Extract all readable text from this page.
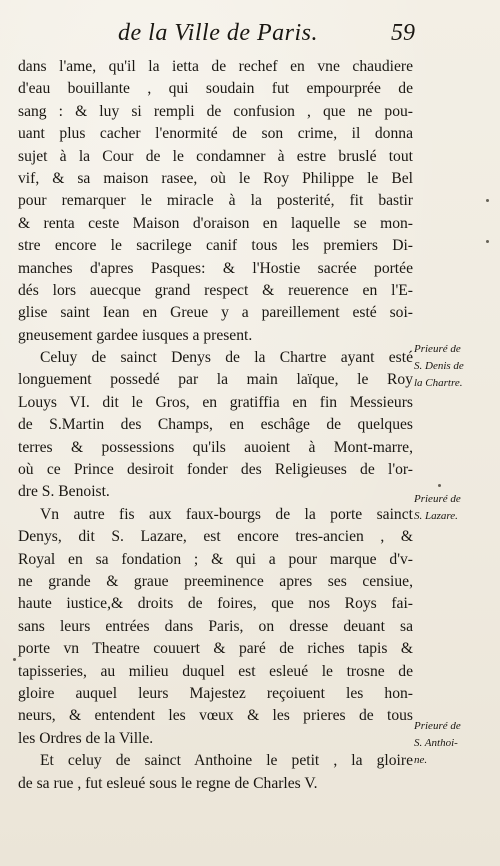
de la Ville de Paris.	59
dans l'ame, qu'il la ietta de rechef en vne chaudiere
d'eau bouillante , qui soudain fut empourprée de
sang : & luy si rempli de confusion , que ne pou-
uant plus cacher l'enormité de son crime, il donna
sujet à la Cour de le condamner à estre bruslé tout
vif, & sa maison rasee, où le Roy Philippe le Bel
pour remarquer le miracle à la posterité, fit bastir
& renta ceste Maison d'oraison en laquelle se mon-
stre encore le sacrilege canif tous les premiers Di-
manches d'apres Pasques: & l'Hostie sacrée portée
dés lors auecque grand respect & reuerence en l'E-
glise saint Iean en Greue y a pareillement esté soi-
gneusement gardee iusques a present.
Celuy de sainct Denys de la Chartre ayant esté
longuement possedé par la main laïque, le Roy
Louys VI. dit le Gros, en gratiffia en fin Messieurs
de S.Martin des Champs, en eschâge de quelques
terres & possessions qu'ils auoient à Mont-marre,
où ce Prince desiroit fonder des Religieuses de l'or-
dre S. Benoist.
Vn autre fis aux faux-bourgs de la porte sainct
Denys, dit S. Lazare, est encore tres-ancien , &
Royal en sa fondation ; & qui a pour marque d'v-
ne grande & graue preeminence apres ses censiue,
haute iustice,& droits de foires, que nos Roys fai-
sans leurs entrées dans Paris, on dresse deuant sa
porte vn Theatre couuert & paré de riches tapis &
tapisseries, au milieu duquel est esleué le trosne de
gloire auquel leurs Majestez reçoiuent les hon-
neurs, & entendent les vœux & les prieres de tous
les Ordres de la Ville.
Et celuy de sainct Anthoine le petit , la gloire
de sa rue , fut esleué sous le regne de Charles V.
Prieuré de
S. Denis de
la Chartre.
Prieuré de
S. Lazare.
Prieuré de
S. Anthoi-
ne.
